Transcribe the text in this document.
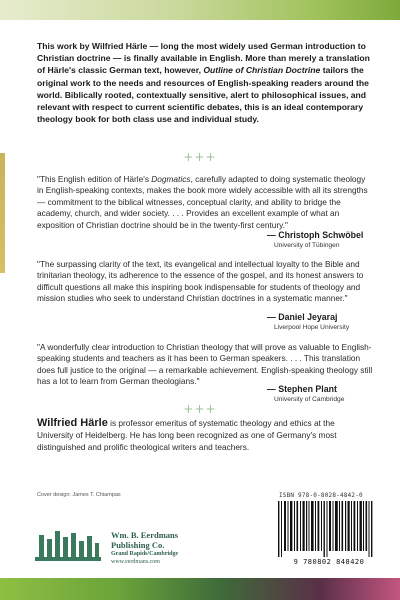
This work by Wilfried Härle — long the most widely used German introduction to Christian doctrine — is finally available in English. More than merely a translation of Härle's classic German text, however, Outline of Christian Doctrine tailors the original work to the needs and resources of English-speaking readers around the world. Biblically rooted, contextually sensitive, alert to philosophical issues, and relevant with respect to current scientific debates, this is an ideal contemporary theology book for both class use and individual study.
+++
"This English edition of Härle's Dogmatics, carefully adapted to doing systematic theology in English-speaking contexts, makes the book more widely accessible with all its strengths — commitment to the biblical witnesses, conceptual clarity, and ability to bridge the academy, church, and wider society. . . . Provides an excellent example of what an exposition of Christian doctrine should be in the twenty-first century."
— Christoph Schwöbel
University of Tübingen
"The surpassing clarity of the text, its evangelical and intellectual loyalty to the Bible and trinitarian theology, its adherence to the essence of the gospel, and its honest answers to difficult questions all make this inspiring book indispensable for students of theology and mission studies who seek to understand Christian doctrines in a systematic manner."
— Daniel Jeyaraj
Liverpool Hope University
"A wonderfully clear introduction to Christian theology that will prove as valuable to English-speaking students and teachers as it has been to German speakers. . . . This translation does full justice to the original — a remarkable achievement. English-speaking theology still has a lot to learn from German theologians."
— Stephen Plant
University of Cambridge
+++
Wilfried Härle is professor emeritus of systematic theology and ethics at the University of Heidelberg. He has long been recognized as one of Germany's most distinguished and prolific theological writers and teachers.
Cover design: James T. Chiampas
Wm. B. Eerdmans
Publishing Co.
Grand Rapids/Cambridge
www.eerdmans.com
ISBN 978-0-8028-4842-0
9 780802 848420
